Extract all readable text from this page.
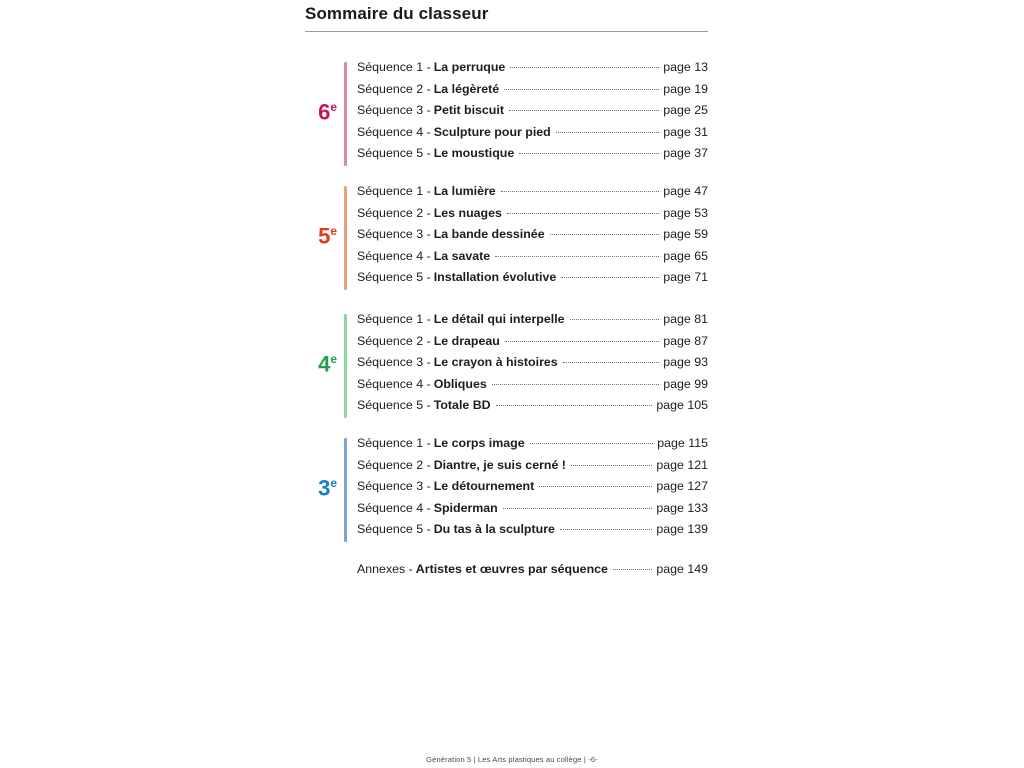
Sommaire du classeur
6e
Séquence 1 - La perruque	page 13
Séquence 2 - La légèreté	page 19
Séquence 3 - Petit biscuit	page 25
Séquence 4 - Sculpture pour pied	page 31
Séquence 5 - Le moustique	page 37
5e
Séquence 1 - La lumière	page 47
Séquence 2 - Les nuages	page 53
Séquence 3 - La bande dessinée	page 59
Séquence 4 - La savate	page 65
Séquence 5 - Installation évolutive	page 71
4e
Séquence 1 - Le détail qui interpelle	page 81
Séquence 2 - Le drapeau	page 87
Séquence 3 - Le crayon à histoires	page 93
Séquence 4 - Obliques	page 99
Séquence 5 - Totale BD	page 105
3e
Séquence 1 - Le corps image	page 115
Séquence 2 - Diantre, je suis cerné !	page 121
Séquence 3 - Le détournement	page 127
Séquence 4 - Spiderman	page 133
Séquence 5 - Du tas à la sculpture	page 139
Annexes - Artistes et œuvres par séquence	page 149
Génération 5 | Les Arts plastiques au collège | -6-
